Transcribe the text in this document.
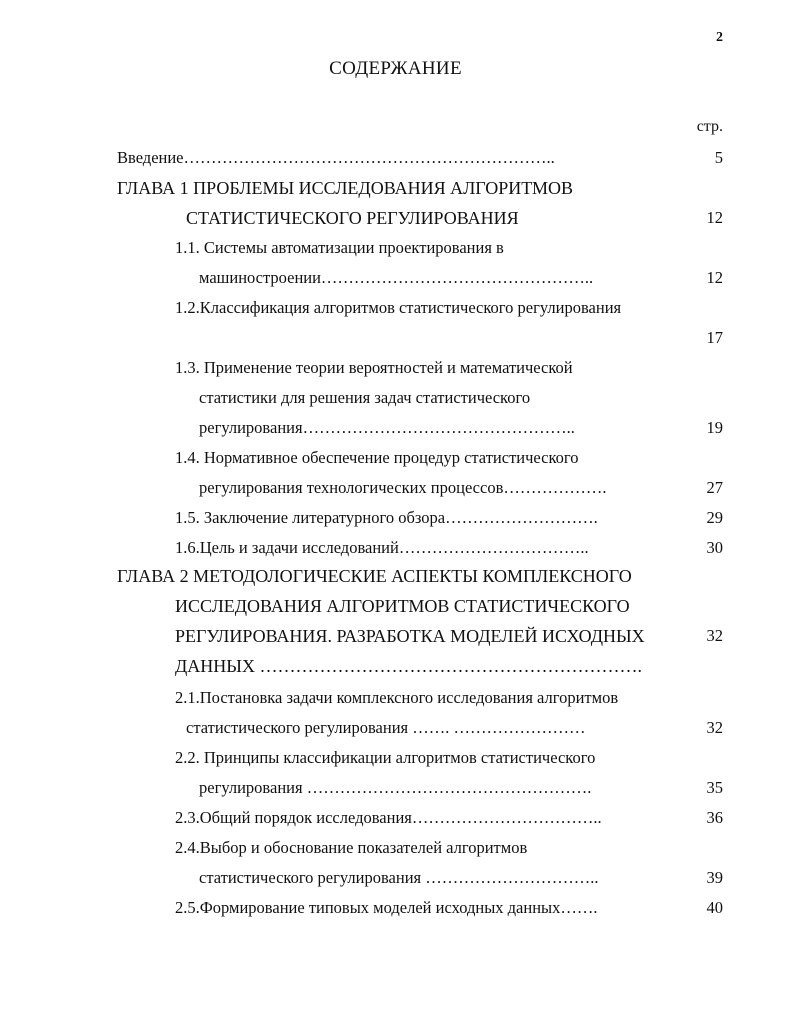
2
СОДЕРЖАНИЕ
стр.
Введение…………………………………………………………..	5
ГЛАВА 1 ПРОБЛЕМЫ ИССЛЕДОВАНИЯ АЛГОРИТМОВ
СТАТИСТИЧЕСКОГО РЕГУЛИРОВАНИЯ	12
1.1. Системы автоматизации проектирования в
машиностроении…………………………………………..	12
1.2.Классификация алгоритмов статистического регулирования
17
1.3. Применение теории вероятностей и математической
статистики для решения задач статистического
регулирования…………………………………………..	19
1.4. Нормативное обеспечение процедур статистического
регулирования технологических процессов……………….	27
1.5. Заключение литературного обзора……………………….	29
1.6.Цель и задачи исследований……………………………..	30
ГЛАВА 2 МЕТОДОЛОГИЧЕСКИЕ АСПЕКТЫ КОМПЛЕКСНОГО
ИССЛЕДОВАНИЯ АЛГОРИТМОВ СТАТИСТИЧЕСКОГО
РЕГУЛИРОВАНИЯ. РАЗРАБОТКА МОДЕЛЕЙ ИСХОДНЫХ	32
ДАННЫХ ……………………………………………………….
2.1.Постановка задачи комплексного исследования алгоритмов
статистического регулирования ……. ……………………	32
2.2. Принципы классификации алгоритмов статистического
регулирования …………………………………………….	35
2.3.Общий порядок исследования……………………………..	36
2.4.Выбор и обоснование показателей алгоритмов
статистического регулирования …………………………..	39
2.5.Формирование типовых моделей исходных данных…….	40
